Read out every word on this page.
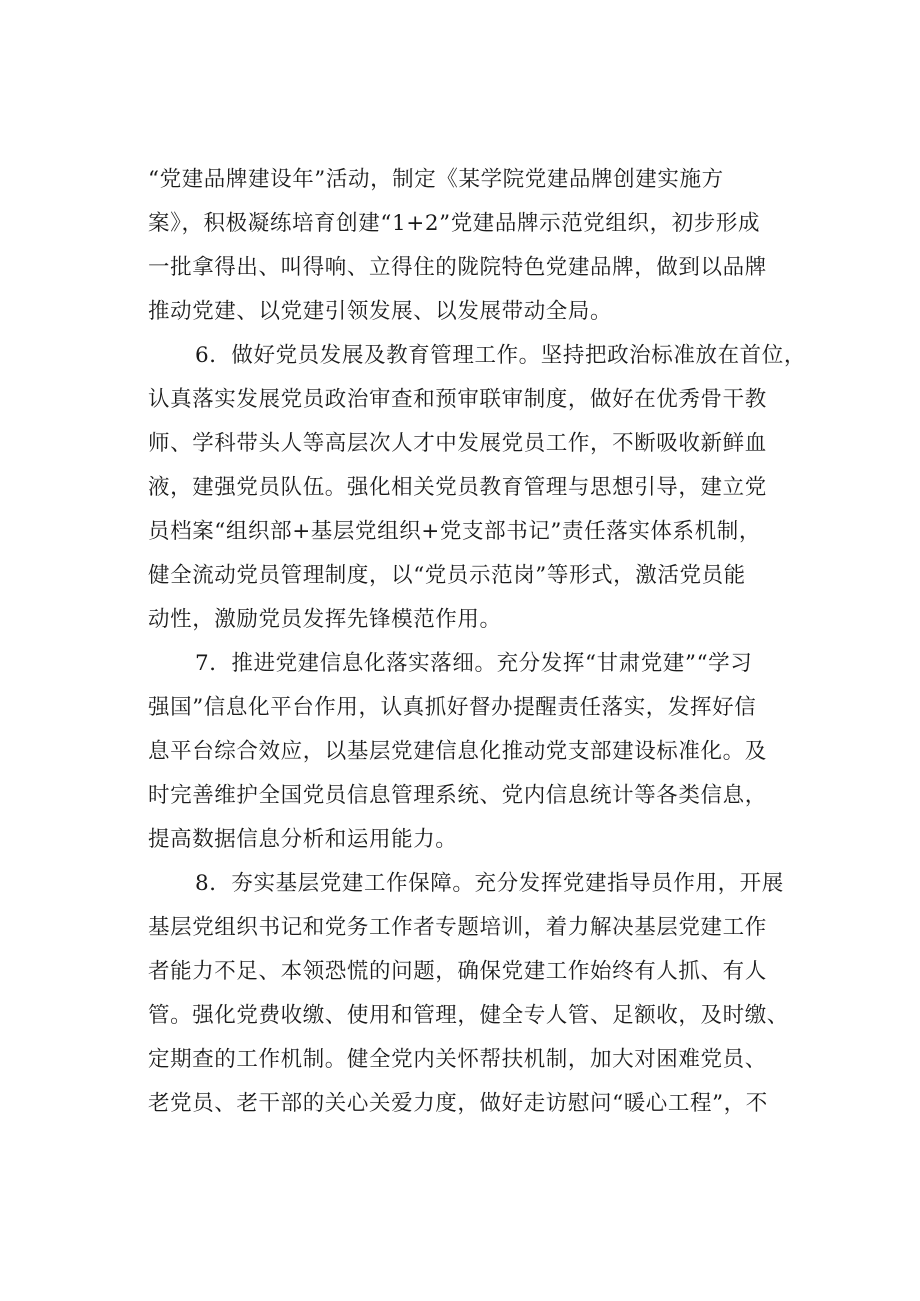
“党建品牌建设年”活动，制定《某学院党建品牌创建实施方
案》，积极凝练培育创建“1+2”党建品牌示范党组织，初步形成
一批拿得出、叫得响、立得住的陇院特色党建品牌，做到以品牌
推动党建、以党建引领发展、以发展带动全局。
6．做好党员发展及教育管理工作。坚持把政治标准放在首位，
认真落实发展党员政治审查和预审联审制度，做好在优秀骨干教
师、学科带头人等高层次人才中发展党员工作，不断吸收新鲜血
液，建强党员队伍。强化相关党员教育管理与思想引导，建立党
员档案“组织部+基层党组织+党支部书记”责任落实体系机制，
健全流动党员管理制度，以“党员示范岗”等形式，激活党员能
动性，激励党员发挥先锋模范作用。
7．推进党建信息化落实落细。充分发挥“甘肃党建”“学习
强国”信息化平台作用，认真抓好督办提醒责任落实，发挥好信
息平台综合效应，以基层党建信息化推动党支部建设标准化。及
时完善维护全国党员信息管理系统、党内信息统计等各类信息，
提高数据信息分析和运用能力。
8．夯实基层党建工作保障。充分发挥党建指导员作用，开展
基层党组织书记和党务工作者专题培训，着力解决基层党建工作
者能力不足、本领恐慌的问题，确保党建工作始终有人抓、有人
管。强化党费收缴、使用和管理，健全专人管、足额收，及时缴、
定期查的工作机制。健全党内关怀帮扶机制，加大对困难党员、
老党员、老干部的关心关爱力度，做好走访慰问“暖心工程”，不
